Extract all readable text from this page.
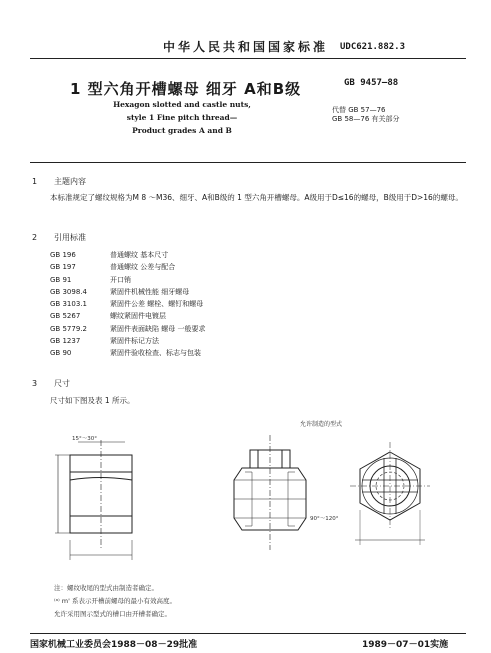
中华人民共和国国家标准	UDC621.882.3
1 型六角开槽螺母 细牙 A和B级	GB 9457—88
Hexagon slotted and castle nuts,
style 1 Fine pitch thread—
Product grades A and B
代替 GB 57—76
GB 58—76 有关部分
1 主题内容
本标准规定了螺纹规格为M 8 ～M36、细牙、A和B级的 1 型六角开槽螺母。A级用于D≤16的螺母，B级用于D>16的螺母。
2 引用标准
GB 196	普通螺纹 基本尺寸
GB 197	普通螺纹 公差与配合
GB 91	开口销
GB 3098.4	紧固件机械性能 细牙螺母
GB 3103.1	紧固件公差 螺栓、螺钉和螺母
GB 5267	螺纹紧固件电镀层
GB 5779.2	紧固件表面缺陷 螺母 一般要求
GB 1237	紧固件标记方法
GB 90	紧固件验收检查、标志与包装
3 尺寸
尺寸如下图及表 1 所示。
允许制造的型式
15°～30°
90°～120°
注：螺纹收尾的型式由制造者确定。
⁽ᵃ⁾ m' 系表示开槽前螺母的最小有效高度。
允许采用图示型式的槽口由开槽者确定。
国家机械工业委员会1988－08－29批准	1989－07－01实施
